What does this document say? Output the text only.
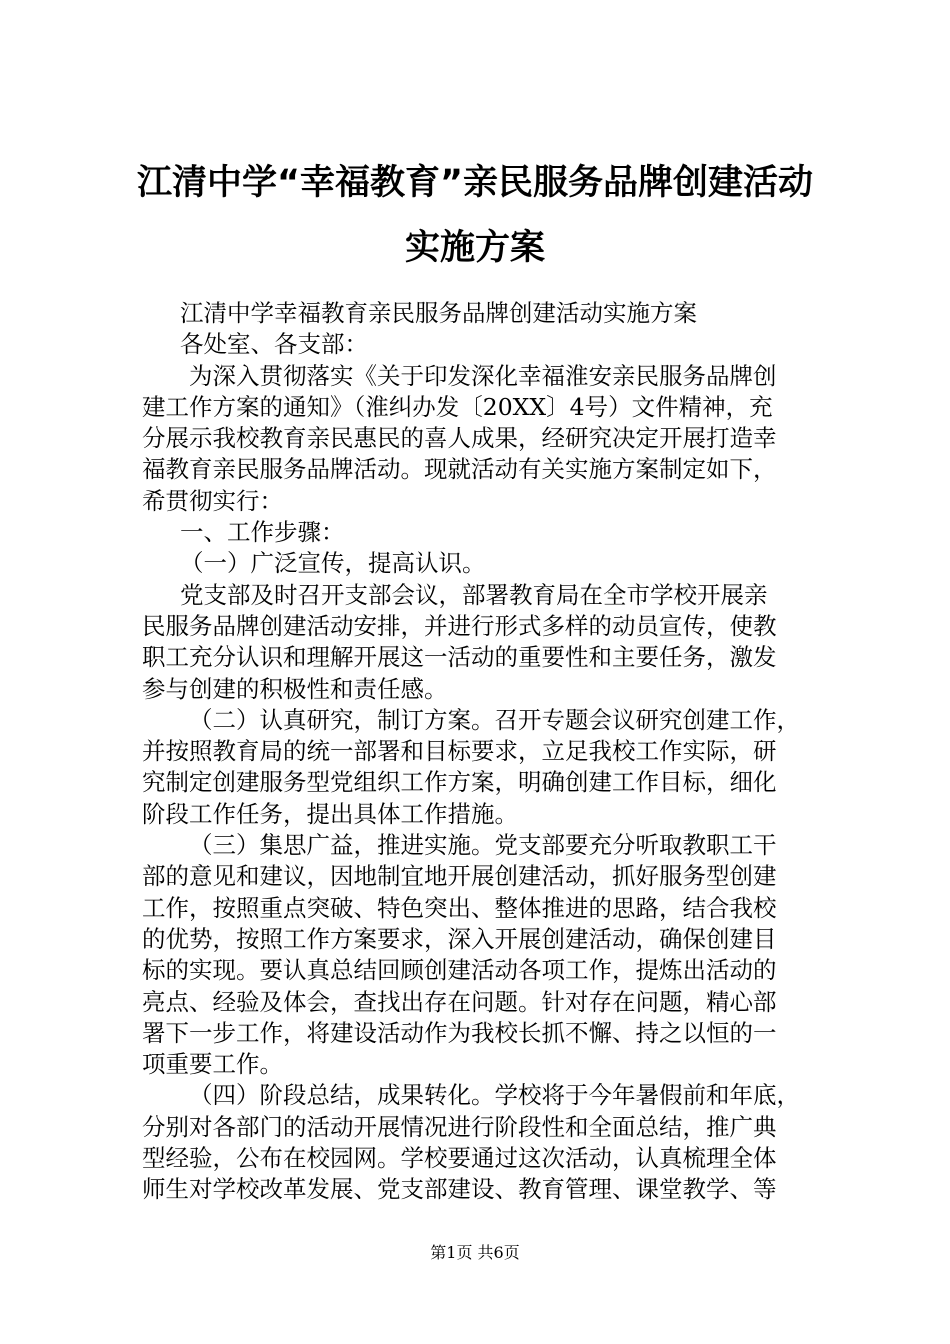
江清中学“幸福教育”亲民服务品牌创建活动
实施方案
江清中学幸福教育亲民服务品牌创建活动实施方案
各处室、各支部：
为深入贯彻落实《关于印发深化幸福淮安亲民服务品牌创
建工作方案的通知》（淮纠办发〔20XX〕4号）文件精神，充
分展示我校教育亲民惠民的喜人成果，经研究决定开展打造幸
福教育亲民服务品牌活动。现就活动有关实施方案制定如下，
希贯彻实行：
一、工作步骤：
（一）广泛宣传，提高认识。
党支部及时召开支部会议，部署教育局在全市学校开展亲
民服务品牌创建活动安排，并进行形式多样的动员宣传，使教
职工充分认识和理解开展这一活动的重要性和主要任务，激发
参与创建的积极性和责任感。
（二）认真研究，制订方案。召开专题会议研究创建工作，
并按照教育局的统一部署和目标要求，立足我校工作实际，研
究制定创建服务型党组织工作方案，明确创建工作目标，细化
阶段工作任务，提出具体工作措施。
（三）集思广益，推进实施。党支部要充分听取教职工干
部的意见和建议，因地制宜地开展创建活动，抓好服务型创建
工作，按照重点突破、特色突出、整体推进的思路，结合我校
的优势，按照工作方案要求，深入开展创建活动，确保创建目
标的实现。要认真总结回顾创建活动各项工作，提炼出活动的
亮点、经验及体会，查找出存在问题。针对存在问题，精心部
署下一步工作，将建设活动作为我校长抓不懈、持之以恒的一
项重要工作。
（四）阶段总结，成果转化。学校将于今年暑假前和年底，
分别对各部门的活动开展情况进行阶段性和全面总结，推广典
型经验，公布在校园网。学校要通过这次活动，认真梳理全体
师生对学校改革发展、党支部建设、教育管理、课堂教学、等
第1页 共6页
